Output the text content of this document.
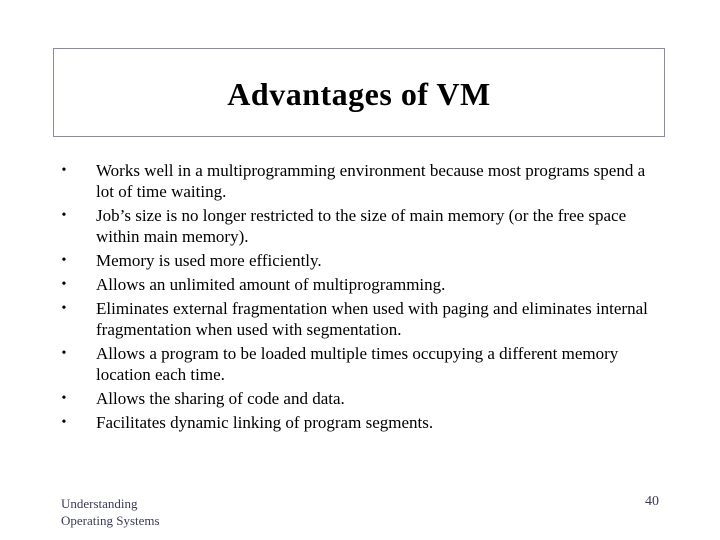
Advantages of VM
• Works well in a multiprogramming environment because most programs spend a lot of time waiting.
• Job’s size is no longer restricted to the size of main memory (or the free space within main memory).
• Memory is used more efficiently.
• Allows an unlimited amount of multiprogramming.
• Eliminates external fragmentation when used with paging and eliminates internal fragmentation when used with segmentation.
• Allows a program to be loaded multiple times occupying a different memory location each time.
• Allows the sharing of code and data.
• Facilitates dynamic linking of program segments.
Understanding
Operating Systems
40
